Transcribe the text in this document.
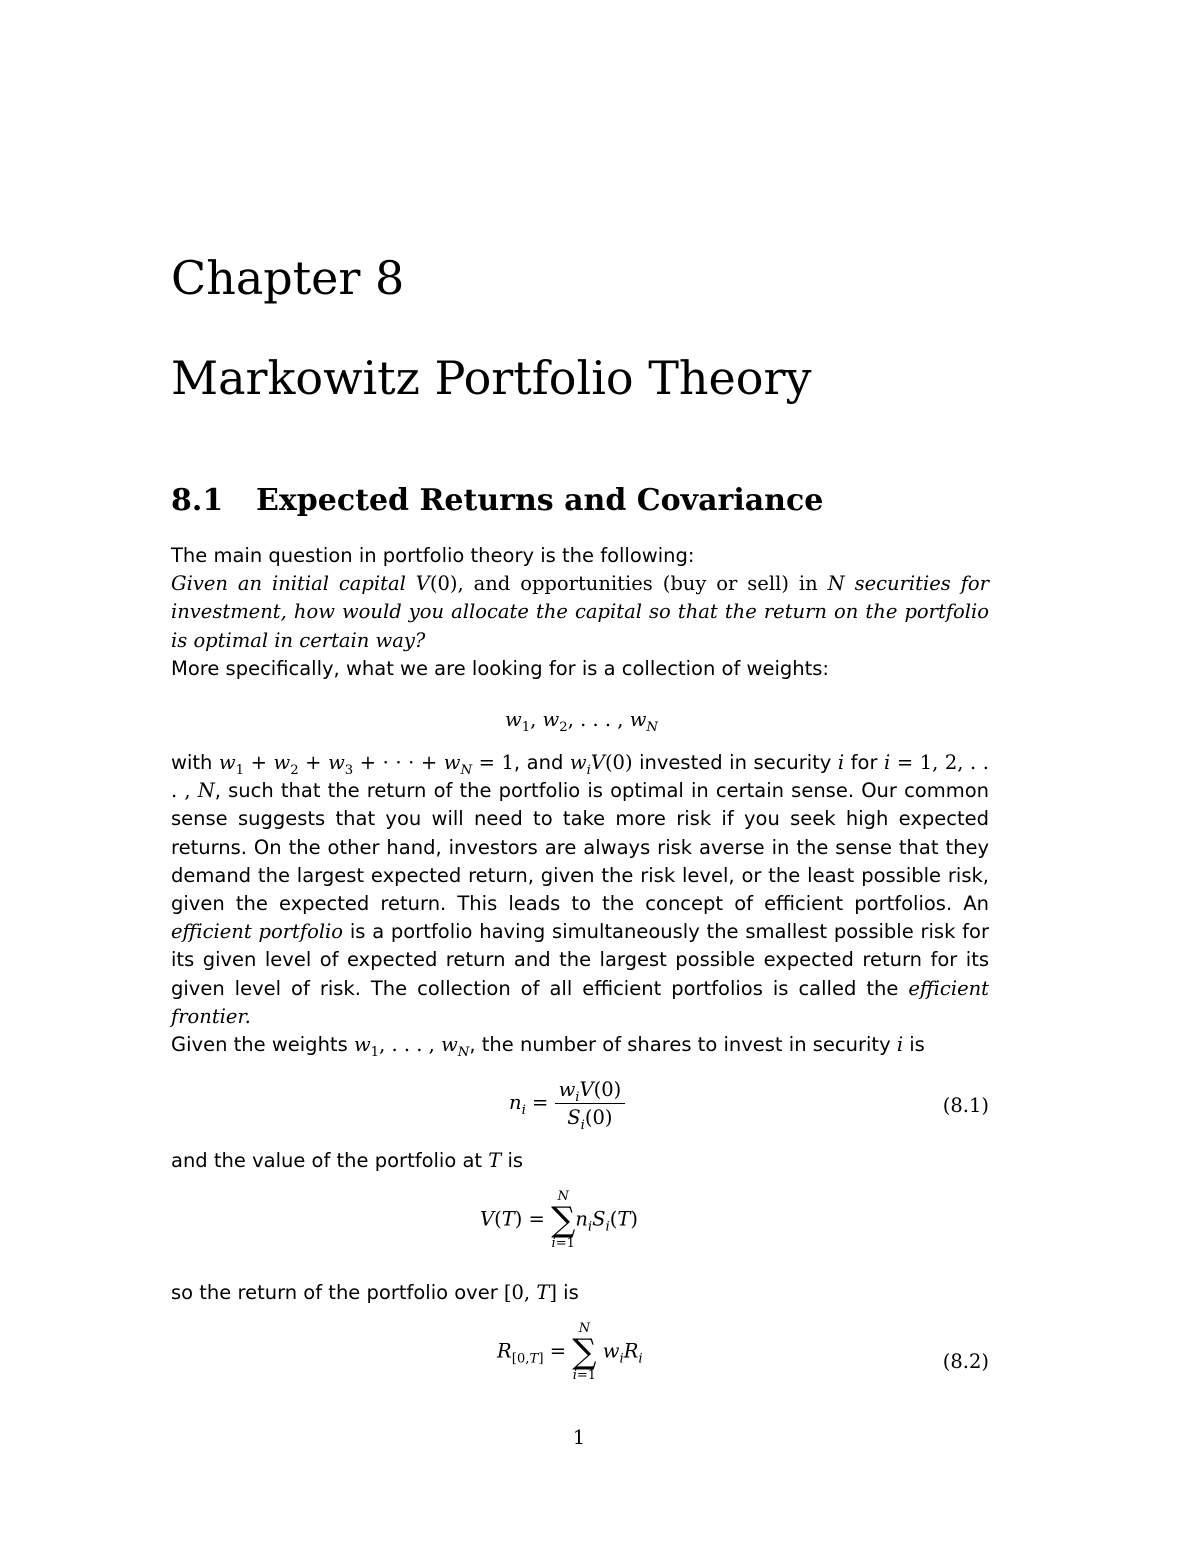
Chapter 8
Markowitz Portfolio Theory
8.1 Expected Returns and Covariance

The main question in portfolio theory is the following:

Given an initial capital V(0), and opportunities (buy or sell) in N securities for investment, how would you allocate the capital so that the return on the portfolio is optimal in certain way?

More specifically, what we are looking for is a collection of weights:

$w_1$, $w_2$, . . . , $w_N$

with $w_1 + w_2 + w_3$ + · · · + $w_N = 1$, and $w_iV(0)$ invested in security i for i = 1, 2, . . . , N, such that the return of the portfolio is optimal in certain sense. Our common sense suggests that you will need to take more risk if you seek high expected returns. On the other hand, investors are always risk averse in the sense that they demand the largest expected return, given the risk level, or the least possible risk, given the expected return. This leads to the concept of efficient portfolios. An efficient portfolio is a portfolio having simultaneously the smallest possible risk for its given level of expected return and the largest possible expected return for its given level of risk. The collection of all efficient portfolios is called the efficient frontier.

Given the weights $w_1$, . . . , $w_N$, the number of shares to invest in security i is

$n_i = \frac{w_iV(0)}{S_i(0)}$	(8.1)

and the value of the portfolio at T is

V(T) =
N
∑
i=1
$n_iS_i(T)$

so the return of the portfolio over [0, T] is

$R_{[0,T]}$ =
N
∑
i=1
$w_iR_i$	(8.2)
1
